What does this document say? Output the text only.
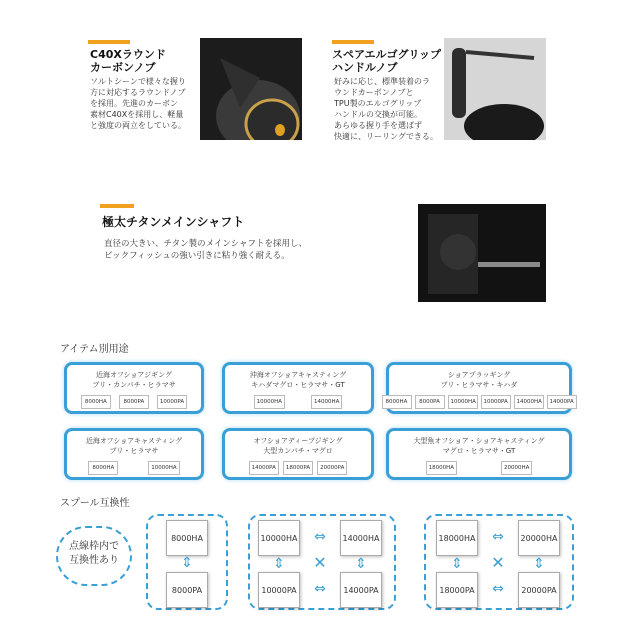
C40Xラウンド
カーボンノブ
ソルトシーンで様々な握り
方に対応するラウンドノブ
を採用。先進のカーボン
素材C40Xを採用し、軽量
と強度の両立をしている。
スペアエルゴグリップ
ハンドルノブ
好みに応じ、標準装着のラ
ウンドカーボンノブと
TPU製のエルゴグリップ
ハンドルの交換が可能。
あらゆる握り手を選ばず
快適に、リーリングできる。
極太チタンメインシャフト
直径の大きい、チタン製のメインシャフトを採用し、
ビックフィッシュの強い引きに粘り強く耐える。
アイテム別用途
近海オフショアジギング
ブリ・カンパチ・ヒラマサ
8000HA	8000PA	10000PA
沖海オフショアキャスティング
キハダマグロ・ヒラマサ・GT
10000HA	14000HA
ショアプラッギング
ブリ・ヒラマサ・キハダ
8000HA	8000PA	10000HA	10000PA	14000HA	14000PA
近海オフショアキャスティング
ブリ・ヒラマサ
8000HA	10000HA
オフショアディープジギング
大型カンパチ・マグロ
14000PA	18000PA	20000PA
大型魚オフショア・ショアキャスティング
マグロ・ヒラマサ・GT
18000HA	20000HA
スプール互換性
点線枠内で
互換性あり
8000HA
⇕
8000PA
10000HA	14000HA
10000PA	14000PA
⇔
⇔
⇕	⇕
✕
18000HA	20000HA
18000PA	20000PA
⇔
⇔
⇕	⇕
✕
